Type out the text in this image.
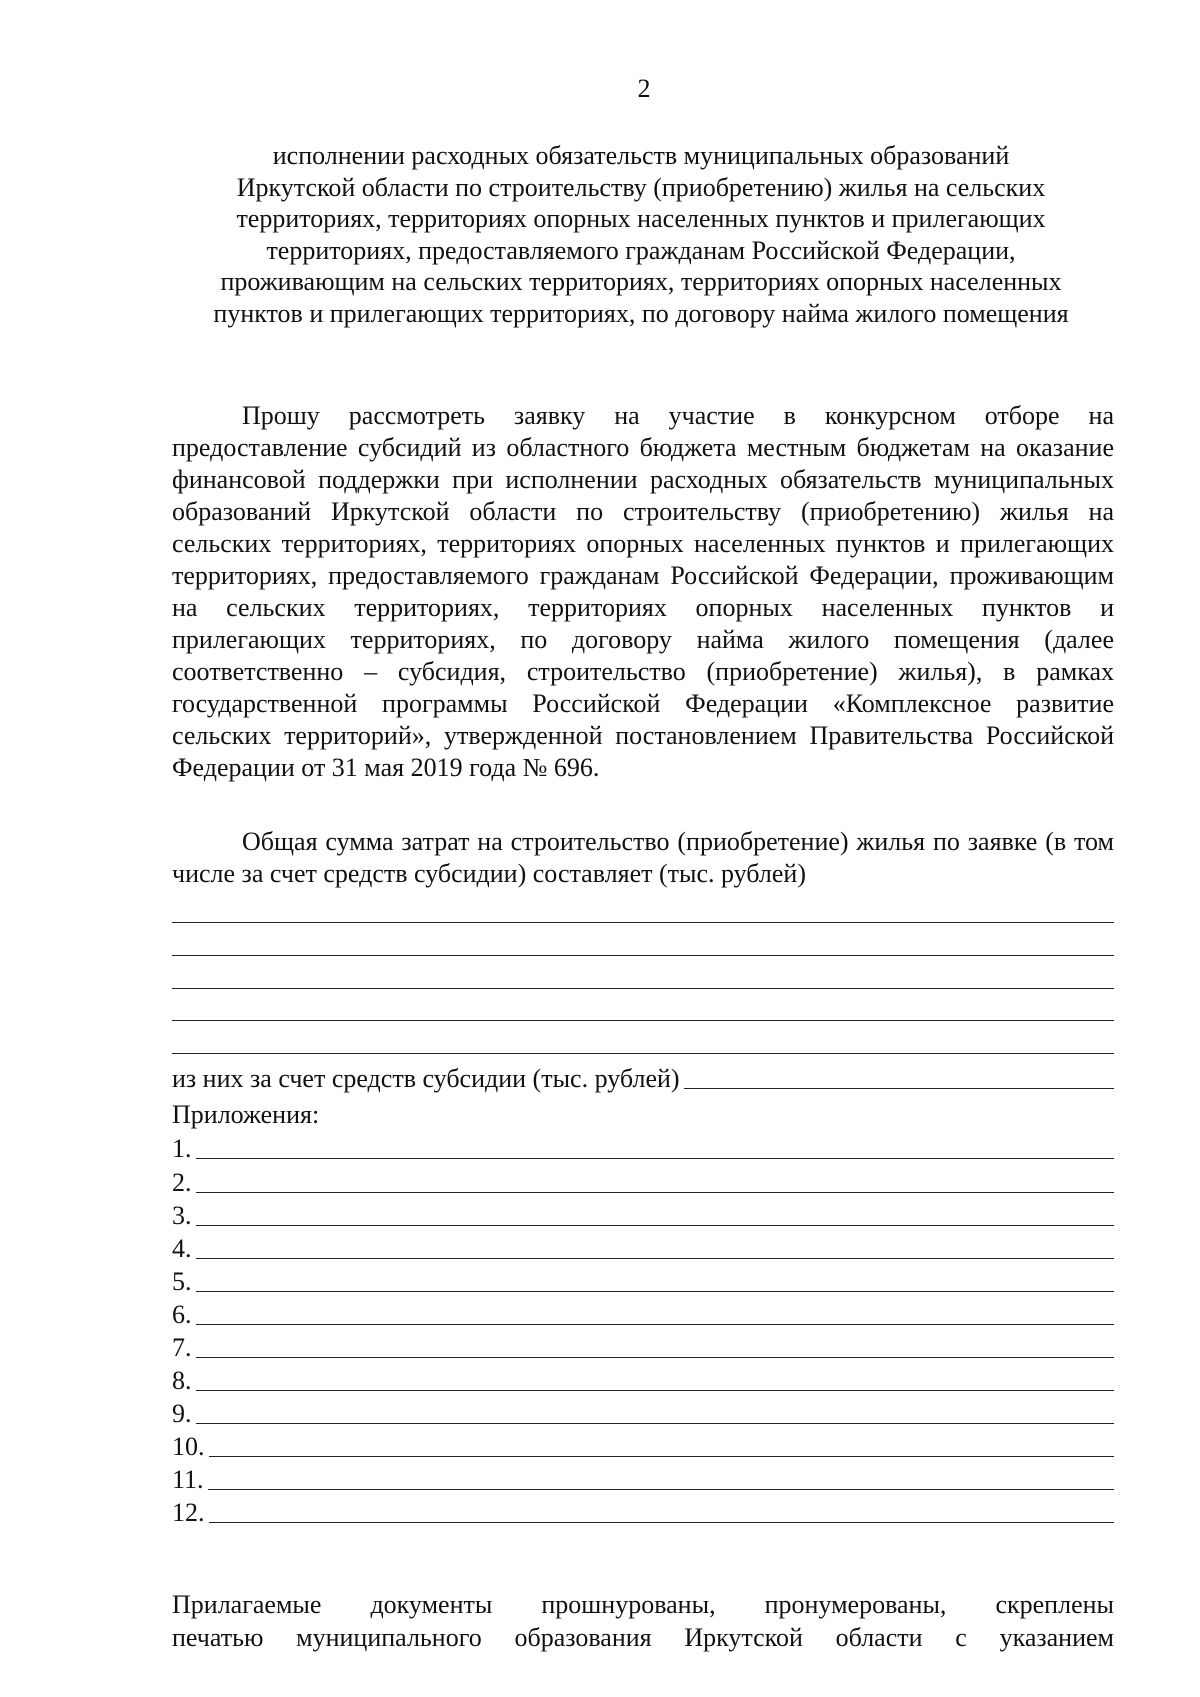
2
исполнении расходных обязательств муниципальных образований
Иркутской области по строительству (приобретению) жилья на сельских
территориях, территориях опорных населенных пунктов и прилегающих
территориях, предоставляемого гражданам Российской Федерации,
проживающим на сельских территориях, территориях опорных населенных
пунктов и прилегающих территориях, по договору найма жилого помещения
Прошу рассмотреть заявку на участие в конкурсном отборе на предоставление субсидий из областного бюджета местным бюджетам на оказание финансовой поддержки при исполнении расходных обязательств муниципальных образований Иркутской области по строительству (приобретению) жилья на сельских территориях, территориях опорных населенных пунктов и прилегающих территориях, предоставляемого гражданам Российской Федерации, проживающим на сельских территориях, территориях опорных населенных пунктов и прилегающих территориях, по договору найма жилого помещения (далее соответственно – субсидия, строительство (приобретение) жилья), в рамках государственной программы Российской Федерации «Комплексное развитие сельских территорий», утвержденной постановлением Правительства Российской Федерации от 31 мая 2019 года № 696.
Общая сумма затрат на строительство (приобретение) жилья по заявке (в том числе за счет средств субсидии) составляет (тыс. рублей)
из них за счет средств субсидии (тыс. рублей)
Приложения:
1.
2.
3.
4.
5.
6.
7.
8.
9.
10.
11.
12.
Прилагаемые документы прошнурованы, пронумерованы, скреплены
печатью муниципального образования Иркутской области с указанием
